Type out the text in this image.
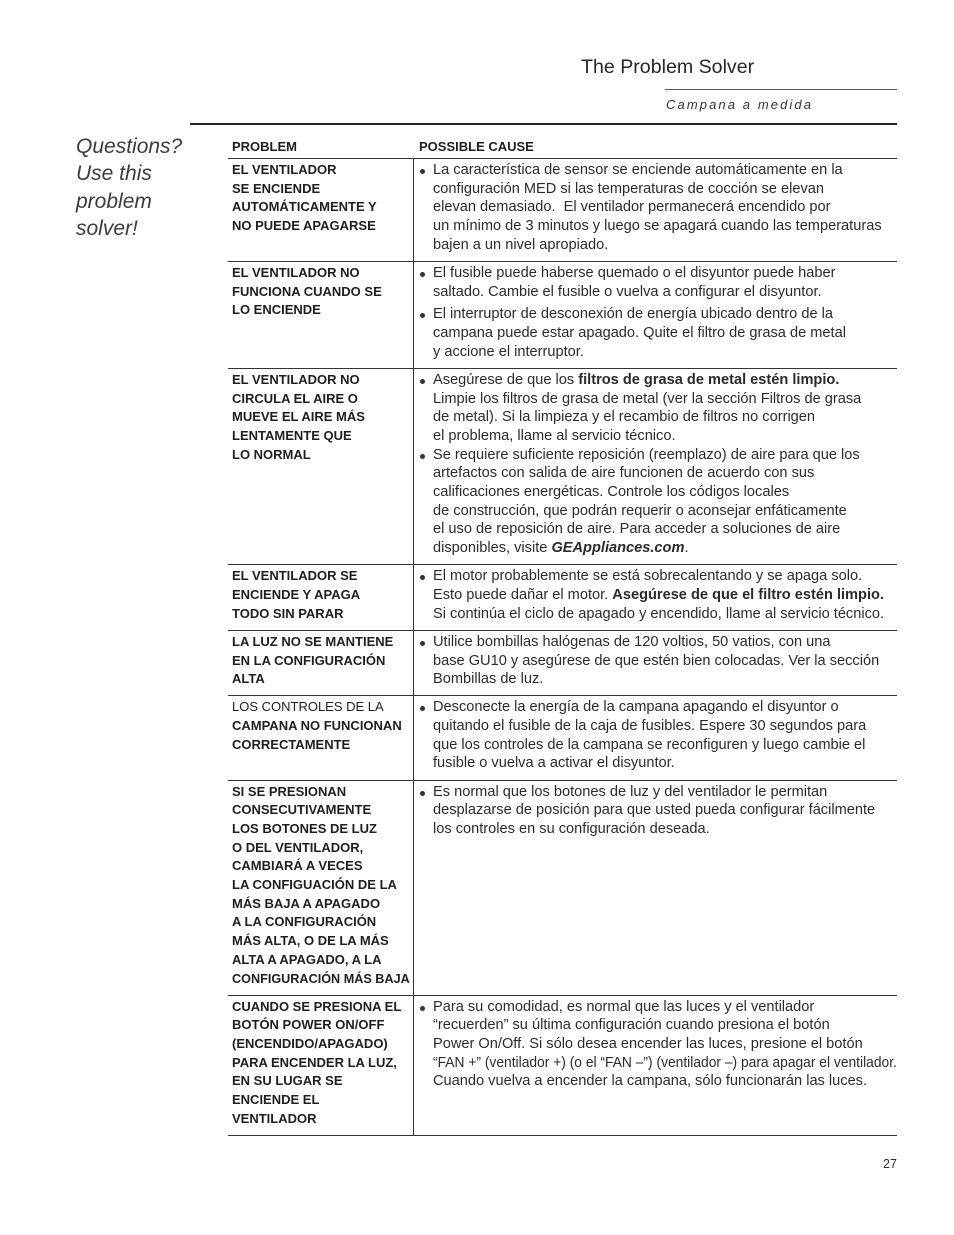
The Problem Solver
Campana a medida
Questions?
Use this
problem
solver!
PROBLEM	POSSIBLE CAUSE
EL VENTILADOR
SE ENCIENDE
AUTOMÁTICAMENTE Y
NO PUEDE APAGARSE
La característica de sensor se enciende automáticamente en la
configuración MED si las temperaturas de cocción se elevan
elevan demasiado.  El ventilador permanecerá encendido por
un mínimo de 3 minutos y luego se apagará cuando las temperaturas
bajen a un nivel apropiado.
EL VENTILADOR NO
FUNCIONA CUANDO SE
LO ENCIENDE
El fusible puede haberse quemado o el disyuntor puede haber
saltado. Cambie el fusible o vuelva a configurar el disyuntor.
El interruptor de desconexión de energía ubicado dentro de la
campana puede estar apagado. Quite el filtro de grasa de metal
y accione el interruptor.
EL VENTILADOR NO
CIRCULA EL AIRE O
MUEVE EL AIRE MÁS
LENTAMENTE QUE
LO NORMAL
Asegúrese de que los filtros de grasa de metal estén limpio.
Limpie los filtros de grasa de metal (ver la sección Filtros de grasa
de metal). Si la limpieza y el recambio de filtros no corrigen
el problema, llame al servicio técnico.
Se requiere suficiente reposición (reemplazo) de aire para que los
artefactos con salida de aire funcionen de acuerdo con sus
calificaciones energéticas. Controle los códigos locales
de construcción, que podrán requerir o aconsejar enfáticamente
el uso de reposición de aire. Para acceder a soluciones de aire
disponibles, visite GEAppliances.com.
EL VENTILADOR SE
ENCIENDE Y APAGA
TODO SIN PARAR
El motor probablemente se está sobrecalentando y se apaga solo.
Esto puede dañar el motor. Asegúrese de que el filtro estén limpio.
Si continúa el ciclo de apagado y encendido, llame al servicio técnico.
LA LUZ NO SE MANTIENE
EN LA CONFIGURACIÓN
ALTA
Utilice bombillas halógenas de 120 voltios, 50 vatios, con una
base GU10 y asegúrese de que estén bien colocadas. Ver la sección
Bombillas de luz.
LOS CONTROLES DE LA
CAMPANA NO FUNCIONAN
CORRECTAMENTE
Desconecte la energía de la campana apagando el disyuntor o
quitando el fusible de la caja de fusibles. Espere 30 segundos para
que los controles de la campana se reconfiguren y luego cambie el
fusible o vuelva a activar el disyuntor.
SI SE PRESIONAN
CONSECUTIVAMENTE
LOS BOTONES DE LUZ
O DEL VENTILADOR,
CAMBIARÁ A VECES
LA CONFIGUACIÓN DE LA
MÁS BAJA A APAGADO
A LA CONFIGURACIÓN
MÁS ALTA, O DE LA MÁS
ALTA A APAGADO, A LA
CONFIGURACIÓN MÁS BAJA
Es normal que los botones de luz y del ventilador le permitan
desplazarse de posición para que usted pueda configurar fácilmente
los controles en su configuración deseada.
CUANDO SE PRESIONA EL
BOTÓN POWER ON/OFF
(ENCENDIDO/APAGADO)
PARA ENCENDER LA LUZ,
EN SU LUGAR SE
ENCIENDE EL
VENTILADOR
Para su comodidad, es normal que las luces y el ventilador
“recuerden” su última configuración cuando presiona el botón
Power On/Off. Si sólo desea encender las luces, presione el botón
“FAN +” (ventilador +) (o el “FAN –”) (ventilador –) para apagar el ventilador.
Cuando vuelva a encender la campana, sólo funcionarán las luces.
27
